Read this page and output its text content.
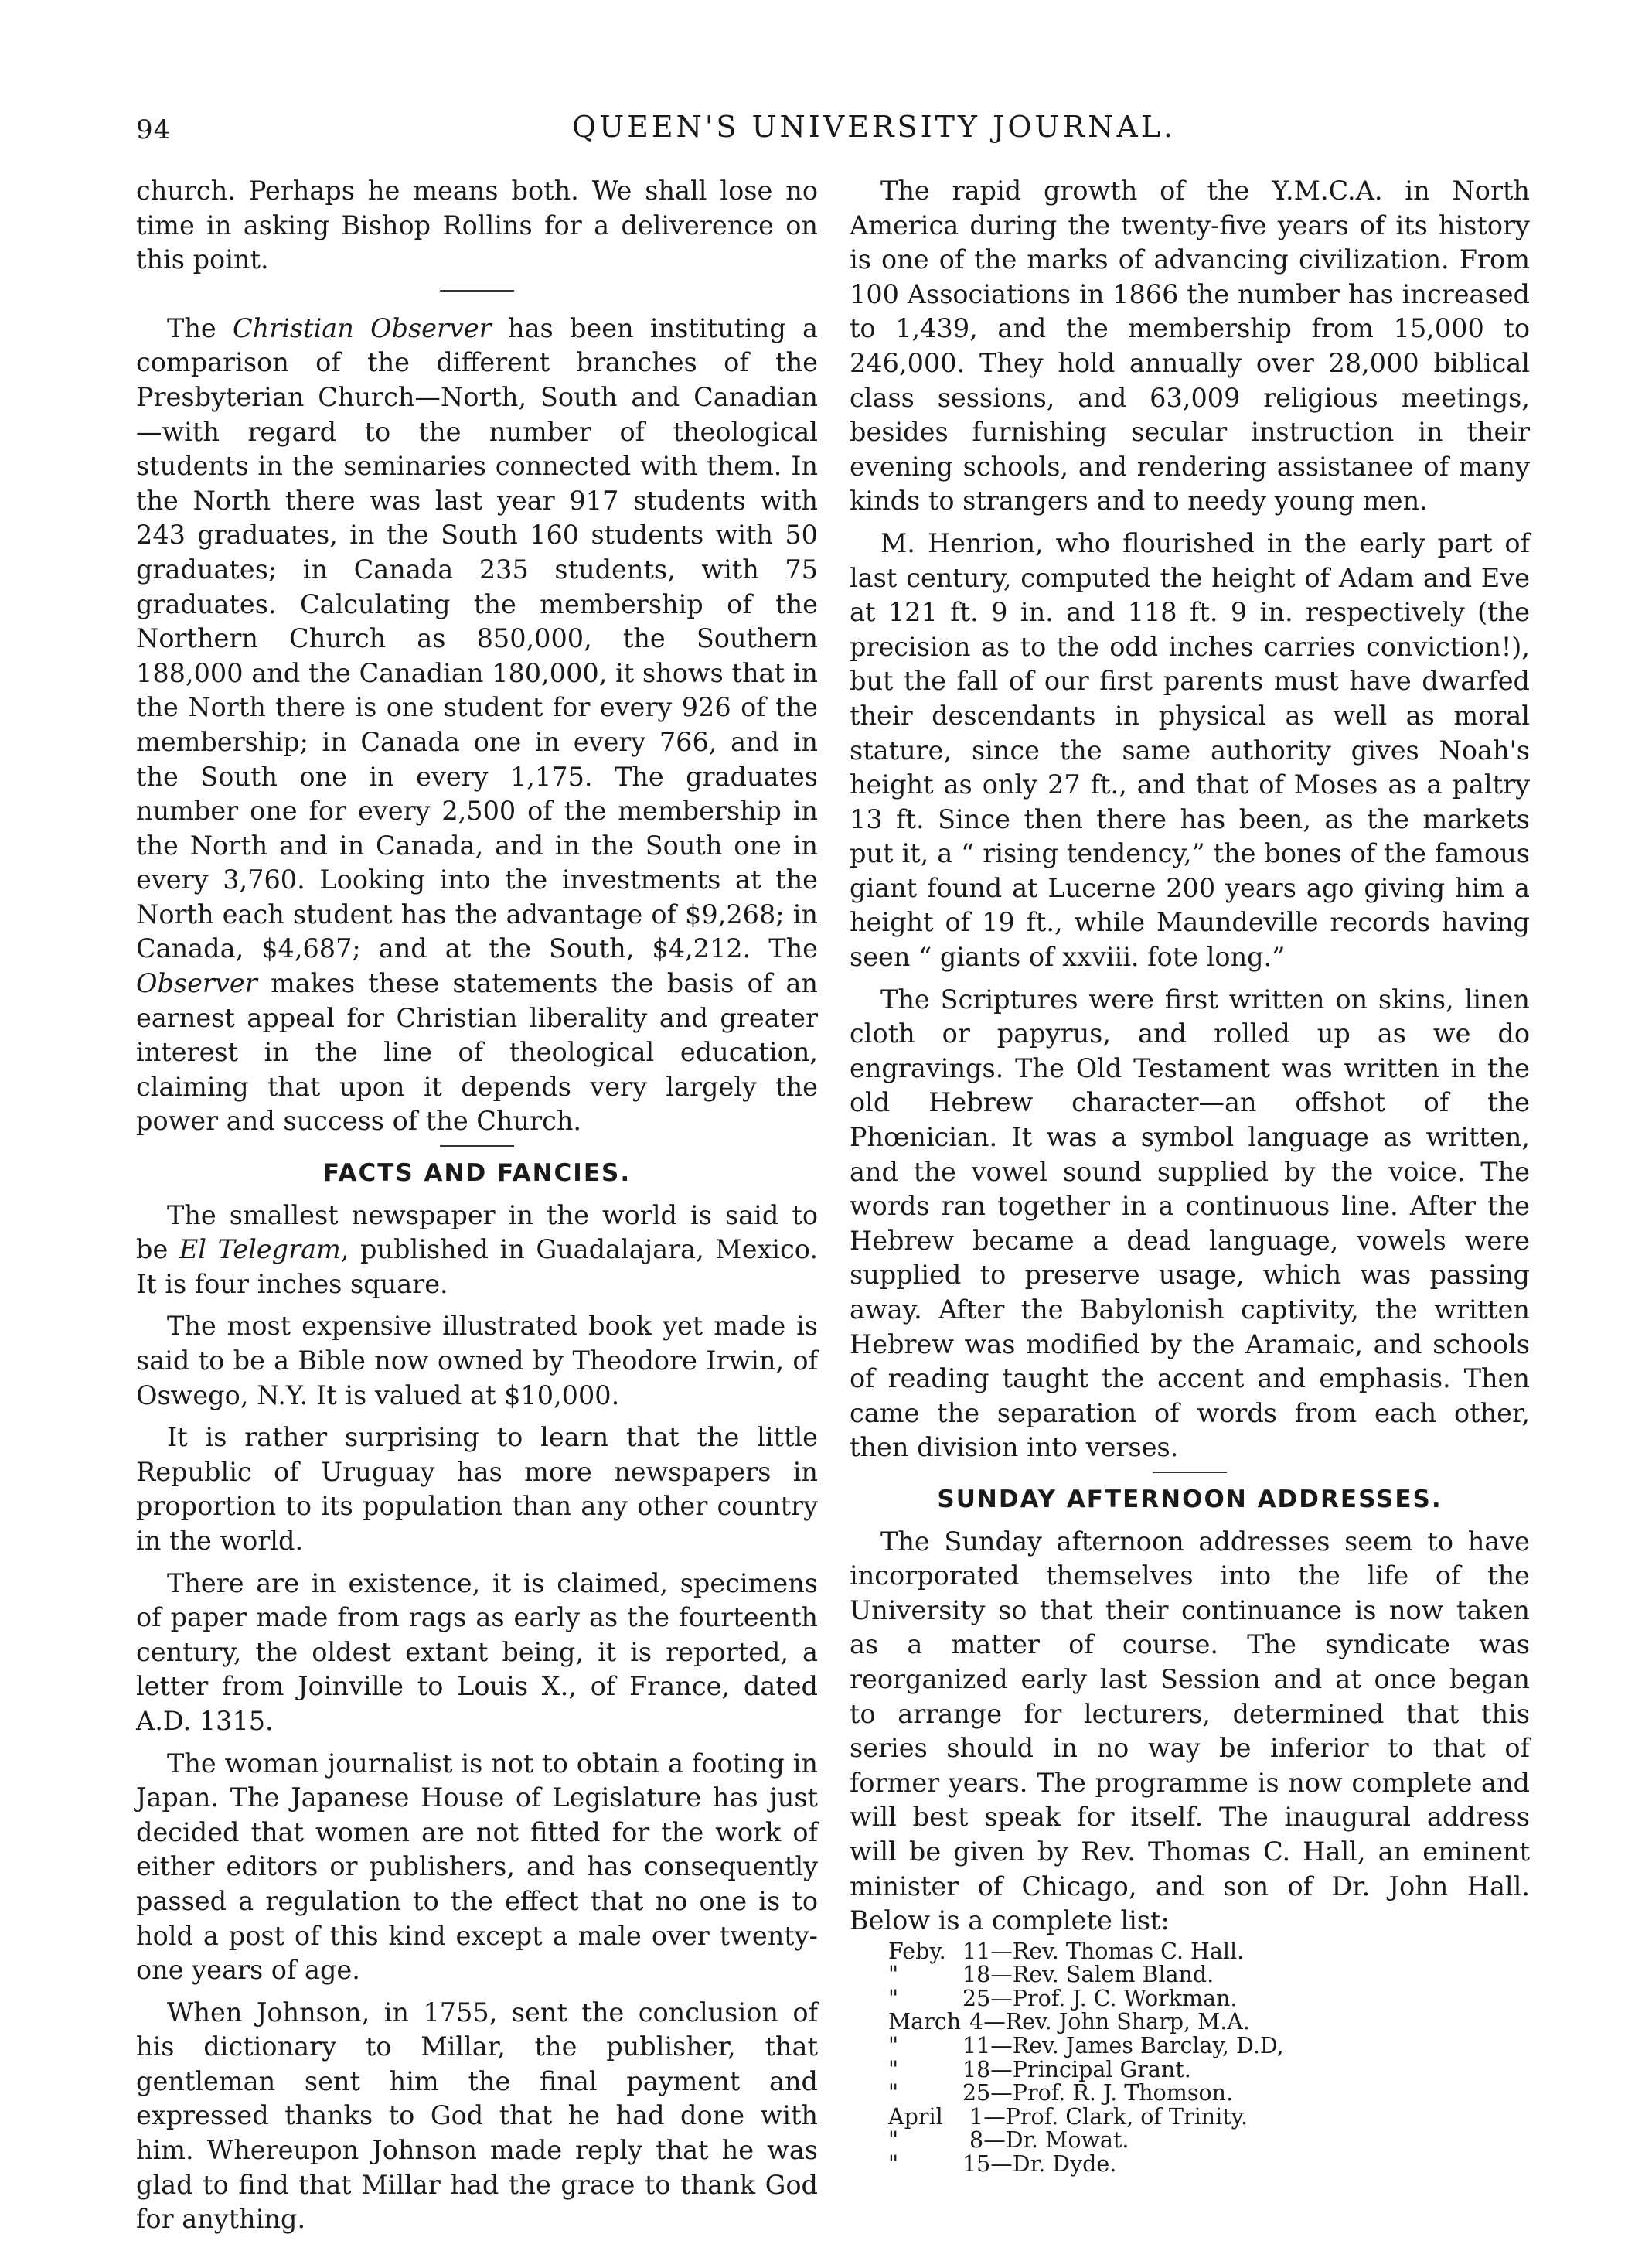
94	QUEEN'S UNIVERSITY JOURNAL.

church. Perhaps he means both. We shall lose no time in asking Bishop Rollins for a deliverence on this point.

The Christian Observer has been instituting a comparison of the different branches of the Presbyterian Church—North, South and Canadian—with regard to the number of theological students in the seminaries connected with them. In the North there was last year 917 students with 243 graduates, in the South 160 students with 50 graduates; in Canada 235 students, with 75 graduates. Calculating the membership of the Northern Church as 850,000, the Southern 188,000 and the Canadian 180,000, it shows that in the North there is one student for every 926 of the membership; in Canada one in every 766, and in the South one in every 1,175. The graduates number one for every 2,500 of the membership in the North and in Canada, and in the South one in every 3,760. Looking into the investments at the North each student has the advantage of $9,268; in Canada, $4,687; and at the South, $4,212. The Observer makes these statements the basis of an earnest appeal for Christian liberality and greater interest in the line of theological education, claiming that upon it depends very largely the power and success of the Church.

FACTS AND FANCIES.

The smallest newspaper in the world is said to be El Telegram, published in Guadalajara, Mexico. It is four inches square.

The most expensive illustrated book yet made is said to be a Bible now owned by Theodore Irwin, of Oswego, N.Y. It is valued at $10,000.

It is rather surprising to learn that the little Republic of Uruguay has more newspapers in proportion to its population than any other country in the world.

There are in existence, it is claimed, specimens of paper made from rags as early as the fourteenth century, the oldest extant being, it is reported, a letter from Joinville to Louis X., of France, dated A.D. 1315.

The woman journalist is not to obtain a footing in Japan. The Japanese House of Legislature has just decided that women are not fitted for the work of either editors or publishers, and has consequently passed a regulation to the effect that no one is to hold a post of this kind except a male over twenty-one years of age.

When Johnson, in 1755, sent the conclusion of his dictionary to Millar, the publisher, that gentleman sent him the final payment and expressed thanks to God that he had done with him. Whereupon Johnson made reply that he was glad to find that Millar had the grace to thank God for anything.

The rapid growth of the Y.M.C.A. in North America during the twenty-five years of its history is one of the marks of advancing civilization. From 100 Associations in 1866 the number has increased to 1,439, and the membership from 15,000 to 246,000. They hold annually over 28,000 biblical class sessions, and 63,009 religious meetings, besides furnishing secular instruction in their evening schools, and rendering assistanee of many kinds to strangers and to needy young men.

M. Henrion, who flourished in the early part of last century, computed the height of Adam and Eve at 121 ft. 9 in. and 118 ft. 9 in. respectively (the precision as to the odd inches carries conviction!), but the fall of our first parents must have dwarfed their descendants in physical as well as moral stature, since the same authority gives Noah's height as only 27 ft., and that of Moses as a paltry 13 ft. Since then there has been, as the markets put it, a “ rising tendency,” the bones of the famous giant found at Lucerne 200 years ago giving him a height of 19 ft., while Maundeville records having seen “ giants of xxviii. fote long.”

The Scriptures were first written on skins, linen cloth or papyrus, and rolled up as we do engravings. The Old Testament was written in the old Hebrew character—an offshot of the Phœnician. It was a symbol language as written, and the vowel sound supplied by the voice. The words ran together in a continuous line. After the Hebrew became a dead language, vowels were supplied to preserve usage, which was passing away. After the Babylonish captivity, the written Hebrew was modified by the Aramaic, and schools of reading taught the accent and emphasis. Then came the separation of words from each other, then division into verses.

SUNDAY AFTERNOON ADDRESSES.

The Sunday afternoon addresses seem to have incorporated themselves into the life of the University so that their continuance is now taken as a matter of course. The syndicate was reorganized early last Session and at once began to arrange for lecturers, determined that this series should in no way be inferior to that of former years. The programme is now complete and will best speak for itself. The inaugural address will be given by Rev. Thomas C. Hall, an eminent minister of Chicago, and son of Dr. John Hall. Below is a complete list:

Feby. 11—Rev. Thomas C. Hall.
"	18—Rev. Salem Bland.
"	25—Prof. J. C. Workman.
March 4—Rev. John Sharp, M.A.
"	11—Rev. James Barclay, D.D,
"	18—Principal Grant.
"	25—Prof. R. J. Thomson.
April 1—Prof. Clark, of Trinity.
"	8—Dr. Mowat.
"	15—Dr. Dyde.
